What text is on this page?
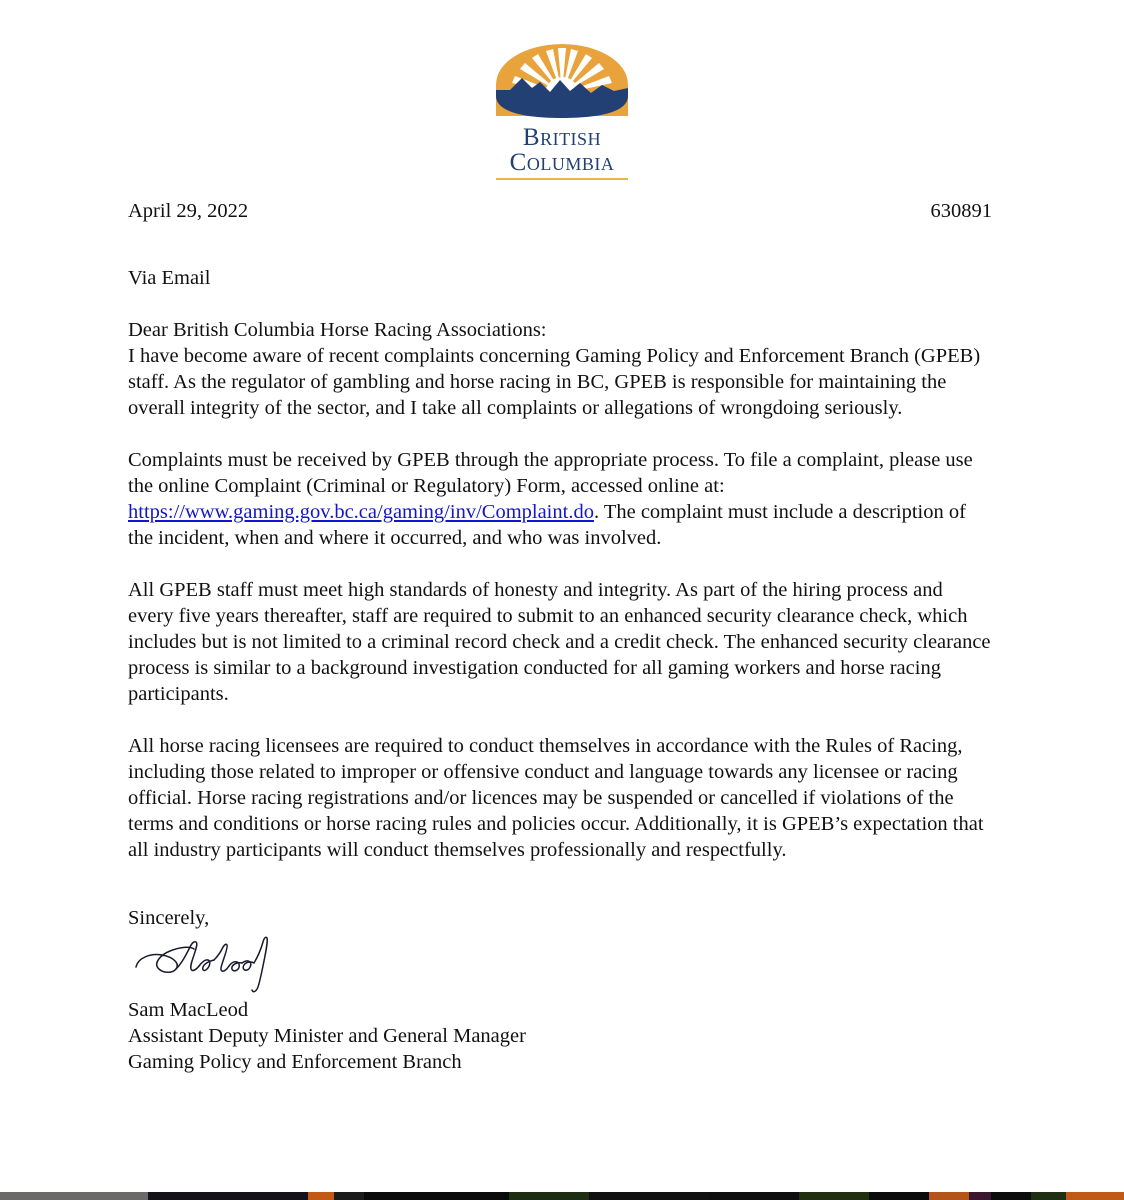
British
Columbia
April 29, 2022	630891
Via Email
Dear British Columbia Horse Racing Associations:

I have become aware of recent complaints concerning Gaming Policy and Enforcement Branch (GPEB) staff. As the regulator of gambling and horse racing in BC, GPEB is responsible for maintaining the overall integrity of the sector, and I take all complaints or allegations of wrongdoing seriously.

Complaints must be received by GPEB through the appropriate process. To file a complaint, please use the online Complaint (Criminal or Regulatory) Form, accessed online at: https://www.gaming.gov.bc.ca/gaming/inv/Complaint.do. The complaint must include a description of the incident, when and where it occurred, and who was involved.

All GPEB staff must meet high standards of honesty and integrity. As part of the hiring process and every five years thereafter, staff are required to submit to an enhanced security clearance check, which includes but is not limited to a criminal record check and a credit check. The enhanced security clearance process is similar to a background investigation conducted for all gaming workers and horse racing participants.

All horse racing licensees are required to conduct themselves in accordance with the Rules of Racing, including those related to improper or offensive conduct and language towards any licensee or racing official. Horse racing registrations and/or licences may be suspended or cancelled if violations of the terms and conditions or horse racing rules and policies occur. Additionally, it is GPEB’s expectation that all industry participants will conduct themselves professionally and respectfully.

Sincerely,
Sam MacLeod
Assistant Deputy Minister and General Manager
Gaming Policy and Enforcement Branch
